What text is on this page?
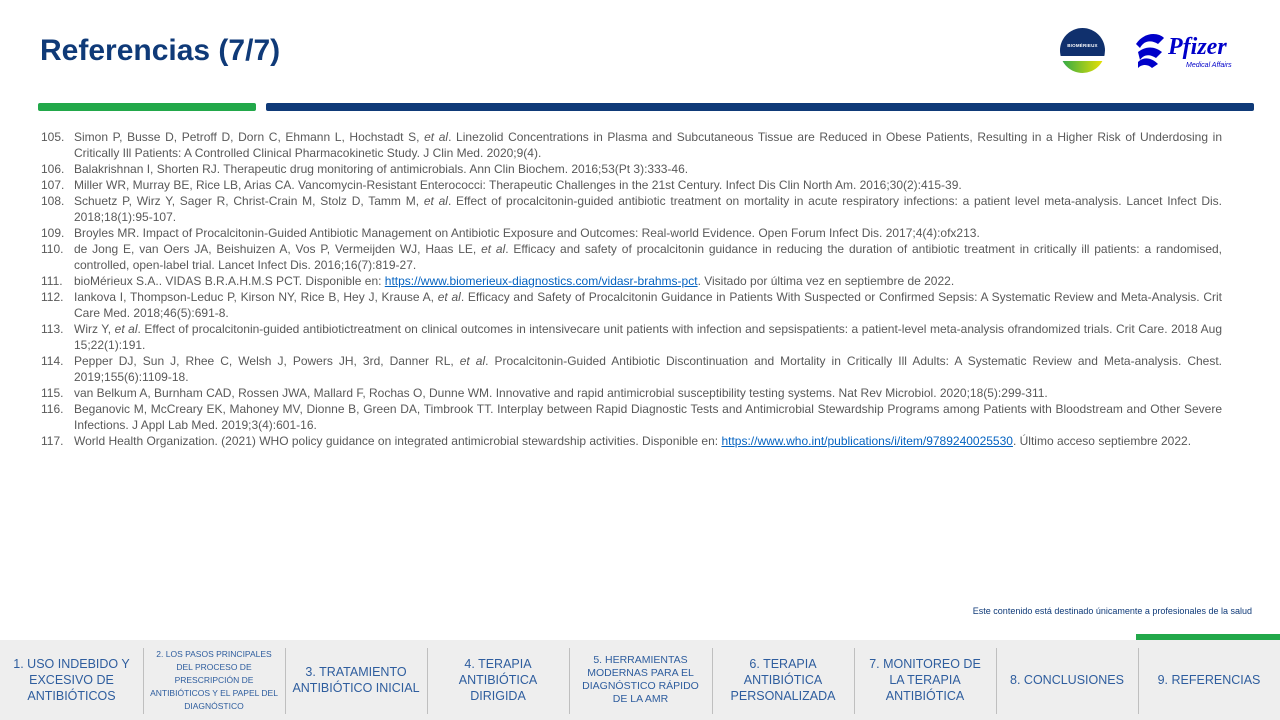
Referencias (7/7)	BIOMÉRIEUX	Pfizer
Medical Affairs
105. Simon P, Busse D, Petroff D, Dorn C, Ehmann L, Hochstadt S, et al. Linezolid Concentrations in Plasma and Subcutaneous Tissue are Reduced in Obese Patients, Resulting in a Higher Risk of Underdosing in Critically Ill Patients: A Controlled Clinical Pharmacokinetic Study. J Clin Med. 2020;9(4).
106. Balakrishnan I, Shorten RJ. Therapeutic drug monitoring of antimicrobials. Ann Clin Biochem. 2016;53(Pt 3):333-46.
107. Miller WR, Murray BE, Rice LB, Arias CA. Vancomycin-Resistant Enterococci: Therapeutic Challenges in the 21st Century. Infect Dis Clin North Am. 2016;30(2):415-39.
108. Schuetz P, Wirz Y, Sager R, Christ-Crain M, Stolz D, Tamm M, et al. Effect of procalcitonin-guided antibiotic treatment on mortality in acute respiratory infections: a patient level meta-analysis. Lancet Infect Dis. 2018;18(1):95-107.
109. Broyles MR. Impact of Procalcitonin-Guided Antibiotic Management on Antibiotic Exposure and Outcomes: Real-world Evidence. Open Forum Infect Dis. 2017;4(4):ofx213.
110. de Jong E, van Oers JA, Beishuizen A, Vos P, Vermeijden WJ, Haas LE, et al. Efficacy and safety of procalcitonin guidance in reducing the duration of antibiotic treatment in critically ill patients: a randomised, controlled, open-label trial. Lancet Infect Dis. 2016;16(7):819-27.
111. bioMérieux S.A.. VIDAS B.R.A.H.M.S PCT. Disponible en: https://www.biomerieux-diagnostics.com/vidasr-brahms-pct. Visitado por última vez en septiembre de 2022.
112. Iankova I, Thompson-Leduc P, Kirson NY, Rice B, Hey J, Krause A, et al. Efficacy and Safety of Procalcitonin Guidance in Patients With Suspected or Confirmed Sepsis: A Systematic Review and Meta-Analysis. Crit Care Med. 2018;46(5):691-8.
113. Wirz Y, et al. Effect of procalcitonin-guided antibiotictreatment on clinical outcomes in intensivecare unit patients with infection and sepsispatients: a patient-level meta-analysis ofrandomized trials. Crit Care. 2018 Aug 15;22(1):191.
114. Pepper DJ, Sun J, Rhee C, Welsh J, Powers JH, 3rd, Danner RL, et al. Procalcitonin-Guided Antibiotic Discontinuation and Mortality in Critically Ill Adults: A Systematic Review and Meta-analysis. Chest. 2019;155(6):1109-18.
115. van Belkum A, Burnham CAD, Rossen JWA, Mallard F, Rochas O, Dunne WM. Innovative and rapid antimicrobial susceptibility testing systems. Nat Rev Microbiol. 2020;18(5):299-311.
116. Beganovic M, McCreary EK, Mahoney MV, Dionne B, Green DA, Timbrook TT. Interplay between Rapid Diagnostic Tests and Antimicrobial Stewardship Programs among Patients with Bloodstream and Other Severe Infections. J Appl Lab Med. 2019;3(4):601-16.
117. World Health Organization. (2021) WHO policy guidance on integrated antimicrobial stewardship activities. Disponible en: https://www.who.int/publications/i/item/9789240025530. Último acceso septiembre 2022.
Este contenido está destinado únicamente a profesionales de la salud
1. USO INDEBIDO Y EXCESIVO DE ANTIBIÓTICOS
2. LOS PASOS PRINCIPALES DEL PROCESO DE PRESCRIPCIÓN DE ANTIBIÓTICOS Y EL PAPEL DEL DIAGNÓSTICO
3. TRATAMIENTO ANTIBIÓTICO INICIAL
4. TERAPIA ANTIBIÓTICA DIRIGIDA
5. HERRAMIENTAS MODERNAS PARA EL DIAGNÓSTICO RÁPIDO DE LA AMR
6. TERAPIA ANTIBIÓTICA PERSONALIZADA
7. MONITOREO DE LA TERAPIA ANTIBIÓTICA
8. CONCLUSIONES	9. REFERENCIAS
